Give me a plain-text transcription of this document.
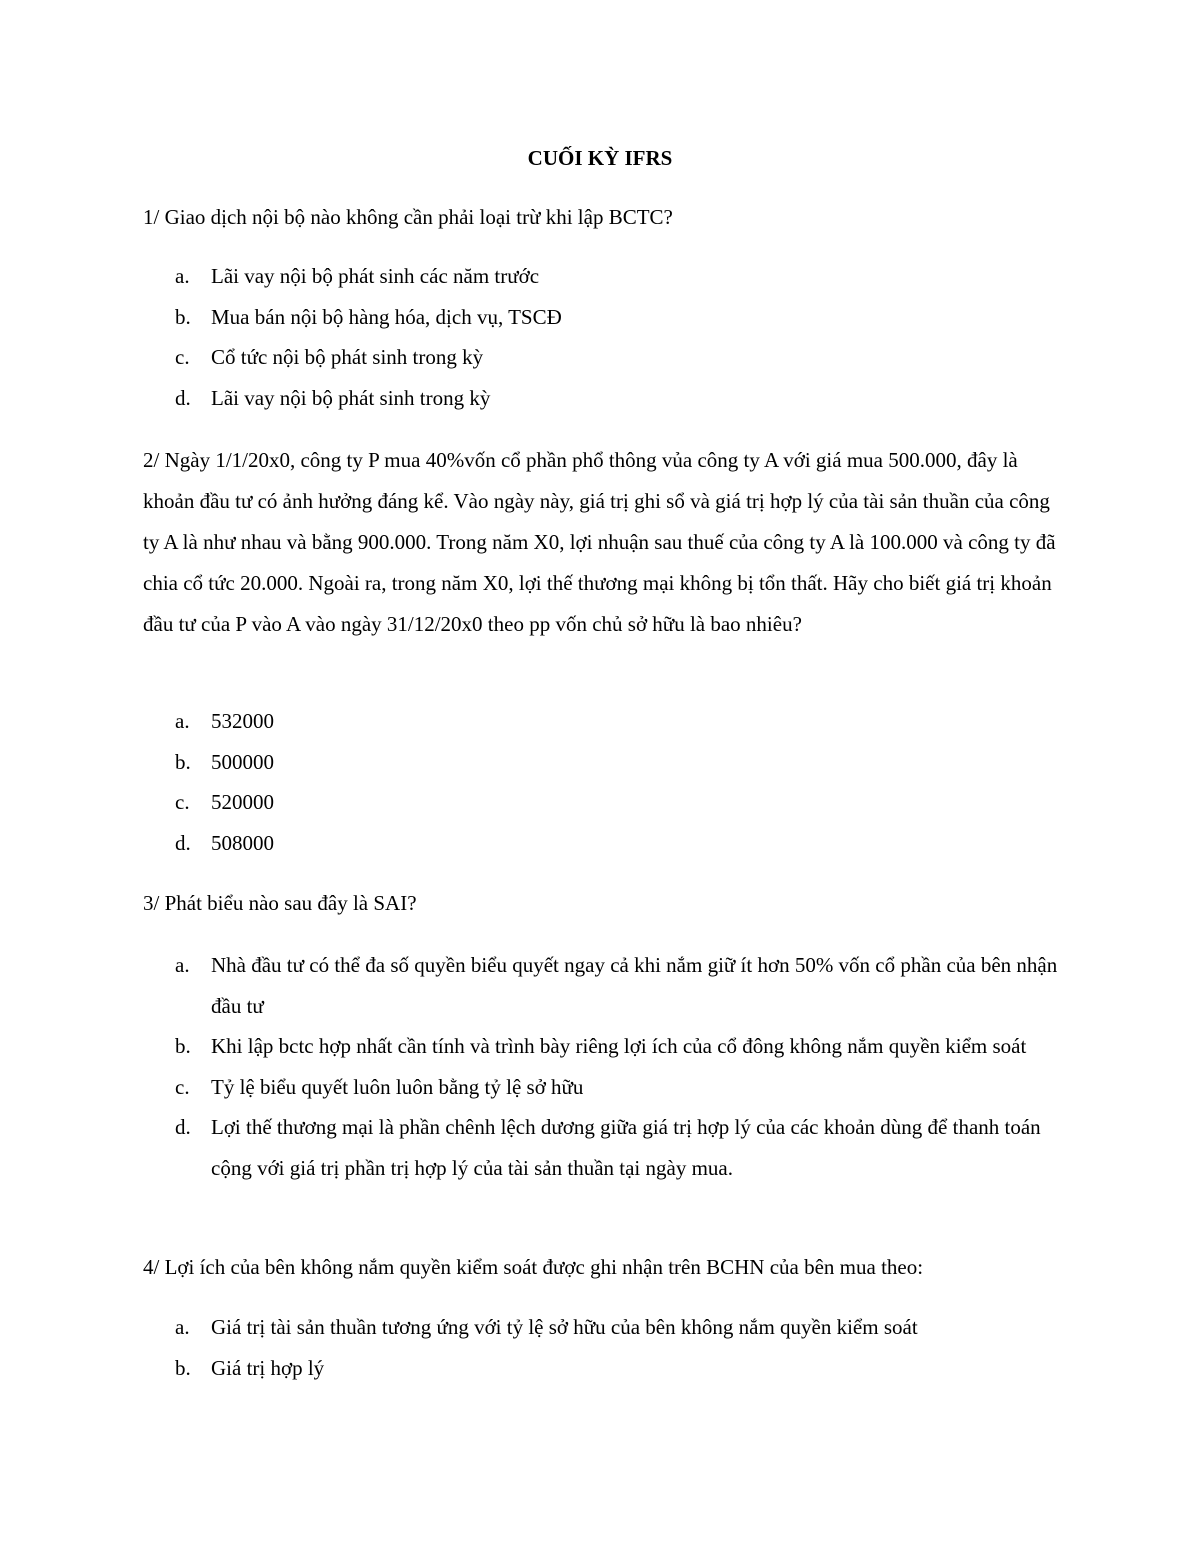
CUỐI KỲ IFRS

1/ Giao dịch nội bộ nào không cần phải loại trừ khi lập BCTC?

a. Lãi vay nội bộ phát sinh các năm trước
b. Mua bán nội bộ hàng hóa, dịch vụ, TSCĐ
c. Cổ tức nội bộ phát sinh trong kỳ
d. Lãi vay nội bộ phát sinh trong kỳ

2/ Ngày 1/1/20x0, công ty P mua 40%vốn cổ phần phổ thông vủa công ty A với giá mua 500.000, đây là khoản đầu tư có ảnh hưởng đáng kể. Vào ngày này, giá trị ghi sổ và giá trị hợp lý của tài sản thuần của công ty A là như nhau và bằng 900.000. Trong năm X0, lợi nhuận sau thuế của công ty A là 100.000 và công ty đã chia cổ tức 20.000. Ngoài ra, trong năm X0, lợi thế thương mại không bị tổn thất. Hãy cho biết giá trị khoản đầu tư của P vào A vào ngày 31/12/20x0 theo pp vốn chủ sở hữu là bao nhiêu?

a. 532000
b. 500000
c. 520000
d. 508000

3/ Phát biểu nào sau đây là SAI?

a. Nhà đầu tư có thể đa số quyền biểu quyết ngay cả khi nắm giữ ít hơn 50% vốn cổ phần của bên nhận đầu tư
b. Khi lập bctc hợp nhất cần tính và trình bày riêng lợi ích của cổ đông không nắm quyền kiểm soát
c. Tỷ lệ biểu quyết luôn luôn bằng tỷ lệ sở hữu
d. Lợi thế thương mại là phần chênh lệch dương giữa giá trị hợp lý của các khoản dùng để thanh toán cộng với giá trị phần trị hợp lý của tài sản thuần tại ngày mua.

4/ Lợi ích của bên không nắm quyền kiểm soát được ghi nhận trên BCHN của bên mua theo:

a. Giá trị tài sản thuần tương ứng với tỷ lệ sở hữu của bên không nắm quyền kiểm soát
b. Giá trị hợp lý
